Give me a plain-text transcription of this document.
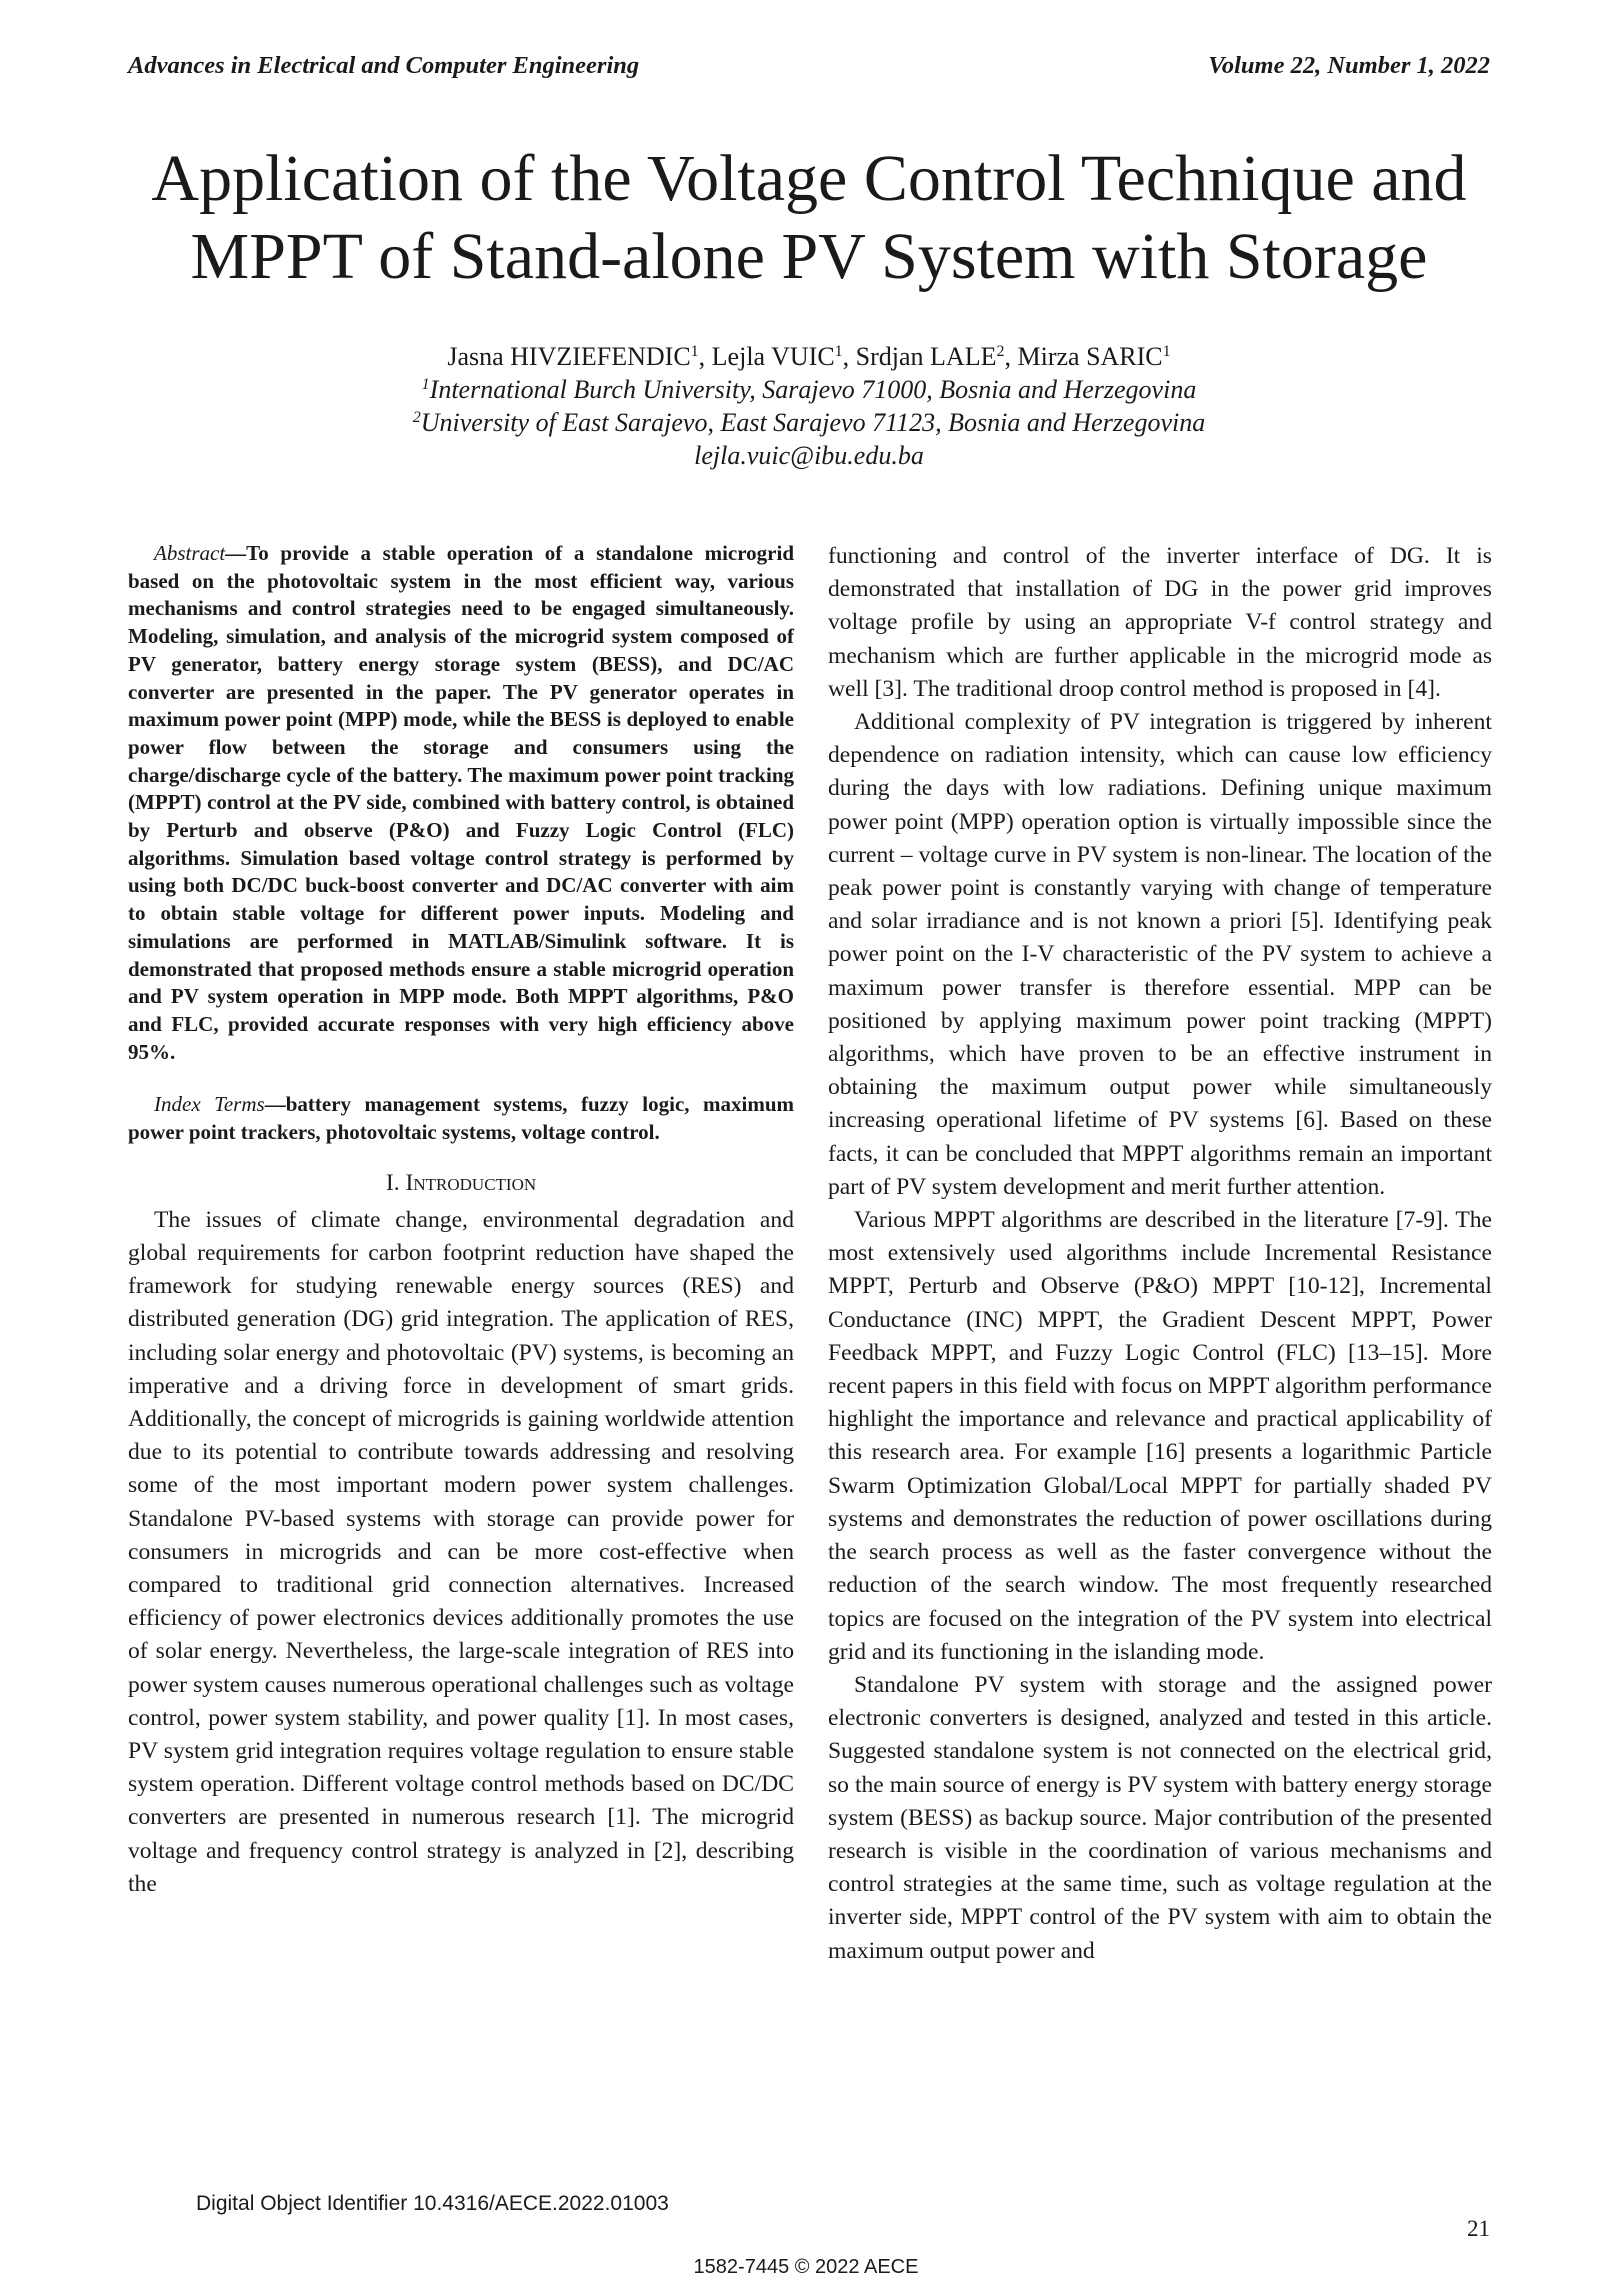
Advances in Electrical and Computer Engineering	Volume 22, Number 1, 2022
Application of the Voltage Control Technique and
MPPT of Stand-alone PV System with Storage
Jasna HIVZIEFENDIC$^1$, Lejla VUIC$^1$, Srdjan LALE$^2$, Mirza SARIC$^1$
$^1$International Burch University, Sarajevo 71000, Bosnia and Herzegovina
$^2$University of East Sarajevo, East Sarajevo 71123, Bosnia and Herzegovina
lejla.vuic@ibu.edu.ba
Abstract—To provide a stable operation of a standalone microgrid based on the photovoltaic system in the most efficient way, various mechanisms and control strategies need to be engaged simultaneously. Modeling, simulation, and analysis of the microgrid system composed of PV generator, battery energy storage system (BESS), and DC/AC converter are presented in the paper. The PV generator operates in maximum power point (MPP) mode, while the BESS is deployed to enable power flow between the storage and consumers using the charge/discharge cycle of the battery. The maximum power point tracking (MPPT) control at the PV side, combined with battery control, is obtained by Perturb and observe (P&O) and Fuzzy Logic Control (FLC) algorithms. Simulation based voltage control strategy is performed by using both DC/DC buck-boost converter and DC/AC converter with aim to obtain stable voltage for different power inputs. Modeling and simulations are performed in MATLAB/Simulink software. It is demonstrated that proposed methods ensure a stable microgrid operation and PV system operation in MPP mode. Both MPPT algorithms, P&O and FLC, provided accurate responses with very high efficiency above 95%.
Index Terms—battery management systems, fuzzy logic, maximum power point trackers, photovoltaic systems, voltage control.
I. Introduction

The issues of climate change, environmental degradation and global requirements for carbon footprint reduction have shaped the framework for studying renewable energy sources (RES) and distributed generation (DG) grid integration. The application of RES, including solar energy and photovoltaic (PV) systems, is becoming an imperative and a driving force in development of smart grids. Additionally, the concept of microgrids is gaining worldwide attention due to its potential to contribute towards addressing and resolving some of the most important modern power system challenges. Standalone PV-based systems with storage can provide power for consumers in microgrids and can be more cost-effective when compared to traditional grid connection alternatives. Increased efficiency of power electronics devices additionally promotes the use of solar energy. Nevertheless, the large-scale integration of RES into power system causes numerous operational challenges such as voltage control, power system stability, and power quality [1]. In most cases, PV system grid integration requires voltage regulation to ensure stable system operation. Different voltage control methods based on DC/DC converters are presented in numerous research [1]. The microgrid voltage and frequency control strategy is analyzed in [2], describing the

functioning and control of the inverter interface of DG. It is demonstrated that installation of DG in the power grid improves voltage profile by using an appropriate V-f control strategy and mechanism which are further applicable in the microgrid mode as well [3]. The traditional droop control method is proposed in [4].

Additional complexity of PV integration is triggered by inherent dependence on radiation intensity, which can cause low efficiency during the days with low radiations. Defining unique maximum power point (MPP) operation option is virtually impossible since the current – voltage curve in PV system is non-linear. The location of the peak power point is constantly varying with change of temperature and solar irradiance and is not known a priori [5]. Identifying peak power point on the I-V characteristic of the PV system to achieve a maximum power transfer is therefore essential. MPP can be positioned by applying maximum power point tracking (MPPT) algorithms, which have proven to be an effective instrument in obtaining the maximum output power while simultaneously increasing operational lifetime of PV systems [6]. Based on these facts, it can be concluded that MPPT algorithms remain an important part of PV system development and merit further attention.

Various MPPT algorithms are described in the literature [7-9]. The most extensively used algorithms include Incremental Resistance MPPT, Perturb and Observe (P&O) MPPT [10-12], Incremental Conductance (INC) MPPT, the Gradient Descent MPPT, Power Feedback MPPT, and Fuzzy Logic Control (FLC) [13–15]. More recent papers in this field with focus on MPPT algorithm performance highlight the importance and relevance and practical applicability of this research area. For example [16] presents a logarithmic Particle Swarm Optimization Global/Local MPPT for partially shaded PV systems and demonstrates the reduction of power oscillations during the search process as well as the faster convergence without the reduction of the search window. The most frequently researched topics are focused on the integration of the PV system into electrical grid and its functioning in the islanding mode.

Standalone PV system with storage and the assigned power electronic converters is designed, analyzed and tested in this article. Suggested standalone system is not connected on the electrical grid, so the main source of energy is PV system with battery energy storage system (BESS) as backup source. Major contribution of the presented research is visible in the coordination of various mechanisms and control strategies at the same time, such as voltage regulation at the inverter side, MPPT control of the PV system with aim to obtain the maximum output power and

Digital Object Identifier 10.4316/AECE.2022.01003
21
1582-7445 © 2022 AECE
